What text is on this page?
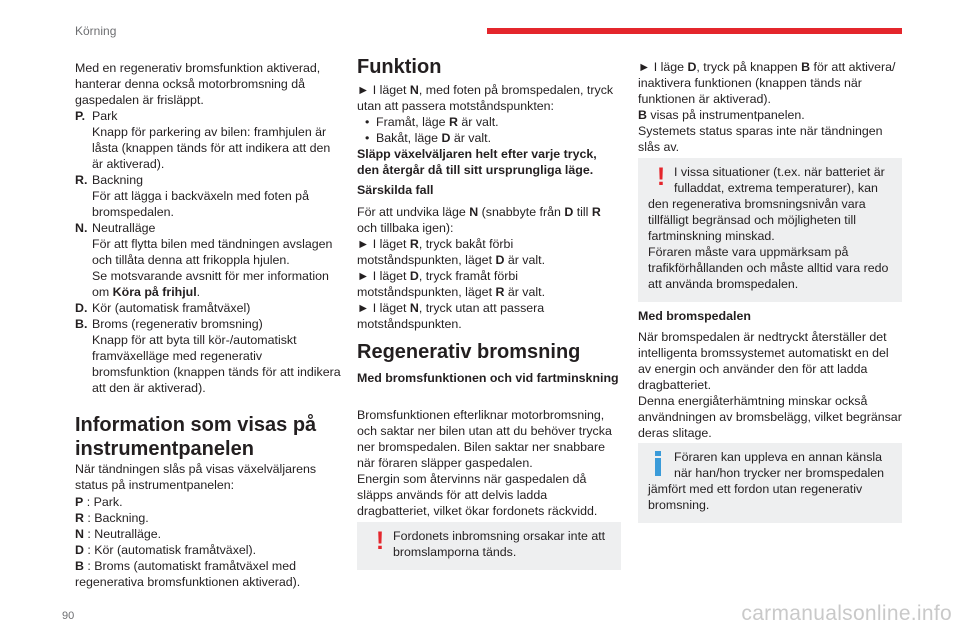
Körning

Med en regenerativ bromsfunktion aktiverad, hanterar denna också motorbromsning då gaspedalen är frisläppt.

P. Park
Knapp för parkering av bilen: framhjulen är låsta (knappen tänds för att indikera att den är aktiverad).
R. Backning
För att lägga i backväxeln med foten på bromspedalen.
N. Neutralläge
För att flytta bilen med tändningen avslagen och tillåta denna att frikoppla hjulen.
Se motsvarande avsnitt för mer information om Köra på frihjul.
D. Kör (automatisk framåtväxel)
B. Broms (regenerativ bromsning)
Knapp för att byta till kör-/automatiskt framväxelläge med regenerativ bromsfunktion (knappen tänds för att indikera att den är aktiverad).
Information som visas på instrumentpanelen

När tändningen slås på visas växelväljarens status på instrumentpanelen:

P : Park.
R : Backning.
N : Neutralläge.
D : Kör (automatisk framåtväxel).
B : Broms (automatiskt framåtväxel med regenerativa bromsfunktionen aktiverad).
Funktion

► I läget N, med foten på bromspedalen, tryck utan att passera motståndspunkten:

• Framåt, läge R är valt.
• Bakåt, läge D är valt.

Släpp växelväljaren helt efter varje tryck, den återgår då till sitt ursprungliga läge.

Särskilda fall

För att undvika läge N (snabbyte från D till R och tillbaka igen):

► I läget R, tryck bakåt förbi motståndspunkten, läget D är valt.

► I läget D, tryck framåt förbi motståndspunkten, läget R är valt.

► I läget N, tryck utan att passera motståndspunkten.

Regenerativ bromsning
Med bromsfunktionen och vid fartminskning

Bromsfunktionen efterliknar motorbromsning, och saktar ner bilen utan att du behöver trycka ner bromspedalen. Bilen saktar ner snabbare när föraren släpper gaspedalen.

Energin som återvinns när gaspedalen då släpps används för att delvis ladda dragbatteriet, vilket ökar fordonets räckvidd.

! Fordonets inbromsning orsakar inte att bromslamporna tänds.

► I läge D, tryck på knappen B för att aktivera/ inaktivera funktionen (knappen tänds när funktionen är aktiverad).

B visas på instrumentpanelen.

Systemets status sparas inte när tändningen slås av.

! I vissa situationer (t.ex. när batteriet är fulladdat, extrema temperaturer), kan den regenerativa bromsningsnivån vara tillfälligt begränsad och möjligheten till fartminskning minskad.
Föraren måste vara uppmärksam på trafikförhållanden och måste alltid vara redo att använda bromspedalen.
Med bromspedalen

När bromspedalen är nedtryckt återställer det intelligenta bromssystemet automatiskt en del av energin och använder den för att ladda dragbatteriet.

Denna energiåterhämtning minskar också användningen av bromsbelägg, vilket begränsar deras slitage.

Föraren kan uppleva en annan känsla när han/hon trycker ner bromspedalen jämfört med ett fordon utan regenerativ bromsning.
90	carmanualsonline.info
